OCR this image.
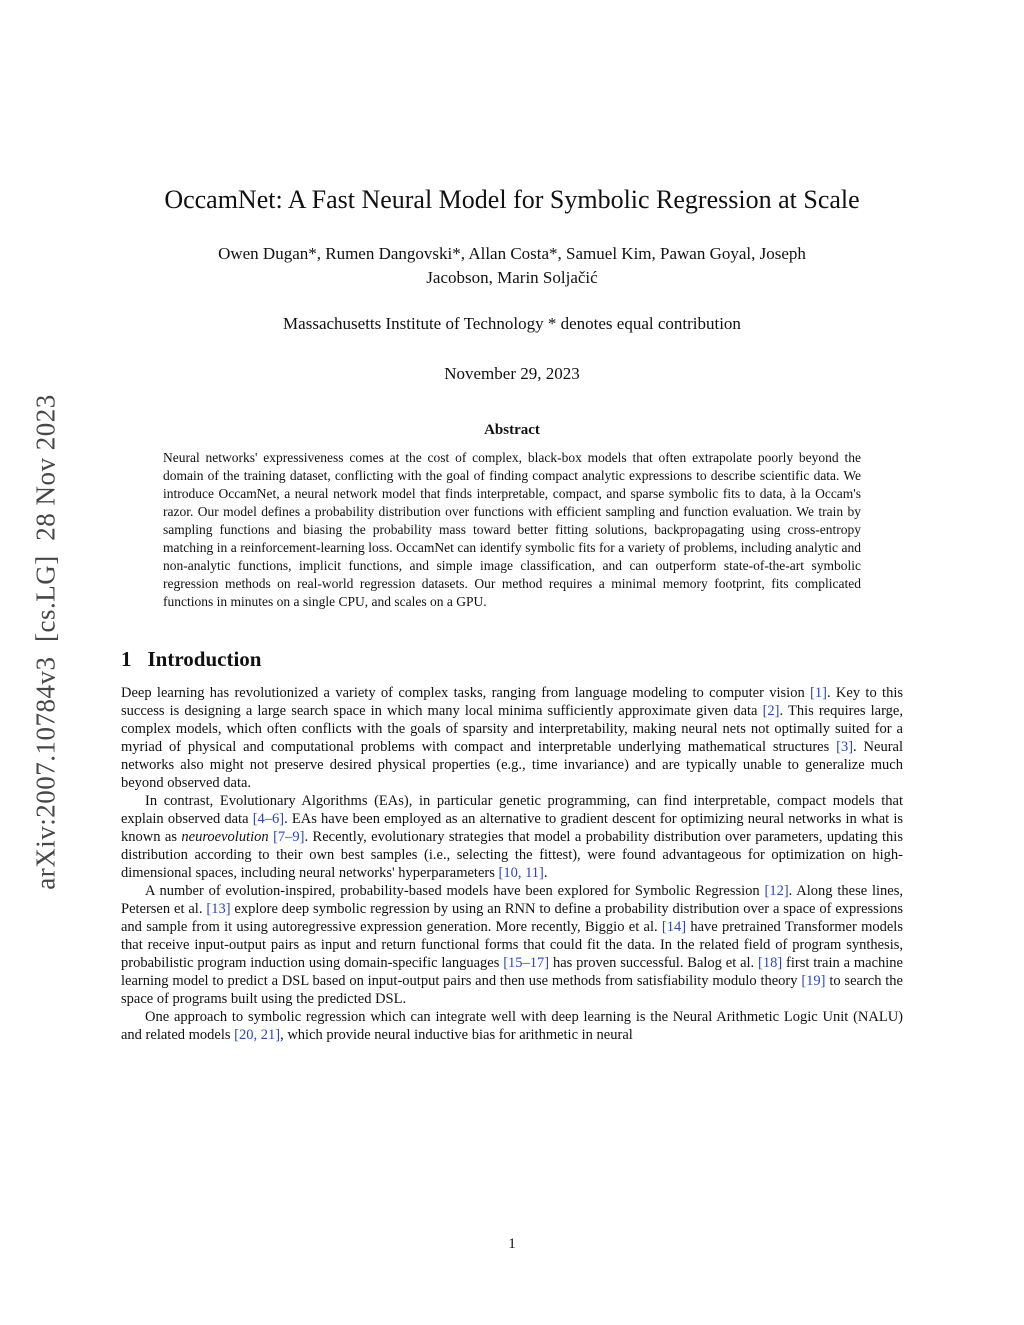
arXiv:2007.10784v3  [cs.LG]  28 Nov 2023
OccamNet: A Fast Neural Model for Symbolic Regression at Scale
Owen Dugan*, Rumen Dangovski*, Allan Costa*, Samuel Kim, Pawan Goyal, Joseph
Jacobson, Marin Soljačić
Massachusetts Institute of Technology * denotes equal contribution
November 29, 2023
Abstract

Neural networks' expressiveness comes at the cost of complex, black-box models that often extrapolate poorly beyond the domain of the training dataset, conflicting with the goal of finding compact analytic expressions to describe scientific data. We introduce OccamNet, a neural network model that finds interpretable, compact, and sparse symbolic fits to data, à la Occam's razor. Our model defines a probability distribution over functions with efficient sampling and function evaluation. We train by sampling functions and biasing the probability mass toward better fitting solutions, backpropagating using cross-entropy matching in a reinforcement-learning loss. OccamNet can identify symbolic fits for a variety of problems, including analytic and non-analytic functions, implicit functions, and simple image classification, and can outperform state-of-the-art symbolic regression methods on real-world regression datasets. Our method requires a minimal memory footprint, fits complicated functions in minutes on a single CPU, and scales on a GPU.

1 Introduction

Deep learning has revolutionized a variety of complex tasks, ranging from language modeling to computer vision [1]. Key to this success is designing a large search space in which many local minima sufficiently approximate given data [2]. This requires large, complex models, which often conflicts with the goals of sparsity and interpretability, making neural nets not optimally suited for a myriad of physical and computational problems with compact and interpretable underlying mathematical structures [3]. Neural networks also might not preserve desired physical properties (e.g., time invariance) and are typically unable to generalize much beyond observed data.

In contrast, Evolutionary Algorithms (EAs), in particular genetic programming, can find interpretable, compact models that explain observed data [4–6]. EAs have been employed as an alternative to gradient descent for optimizing neural networks in what is known as neuroevolution [7–9]. Recently, evolutionary strategies that model a probability distribution over parameters, updating this distribution according to their own best samples (i.e., selecting the fittest), were found advantageous for optimization on high-dimensional spaces, including neural networks' hyperparameters [10, 11].

A number of evolution-inspired, probability-based models have been explored for Symbolic Regression [12]. Along these lines, Petersen et al. [13] explore deep symbolic regression by using an RNN to define a probability distribution over a space of expressions and sample from it using autoregressive expression generation. More recently, Biggio et al. [14] have pretrained Transformer models that receive input-output pairs as input and return functional forms that could fit the data. In the related field of program synthesis, probabilistic program induction using domain-specific languages [15–17] has proven successful. Balog et al. [18] first train a machine learning model to predict a DSL based on input-output pairs and then use methods from satisfiability modulo theory [19] to search the space of programs built using the predicted DSL.

One approach to symbolic regression which can integrate well with deep learning is the Neural Arithmetic Logic Unit (NALU) and related models [20, 21], which provide neural inductive bias for arithmetic in neural

1
